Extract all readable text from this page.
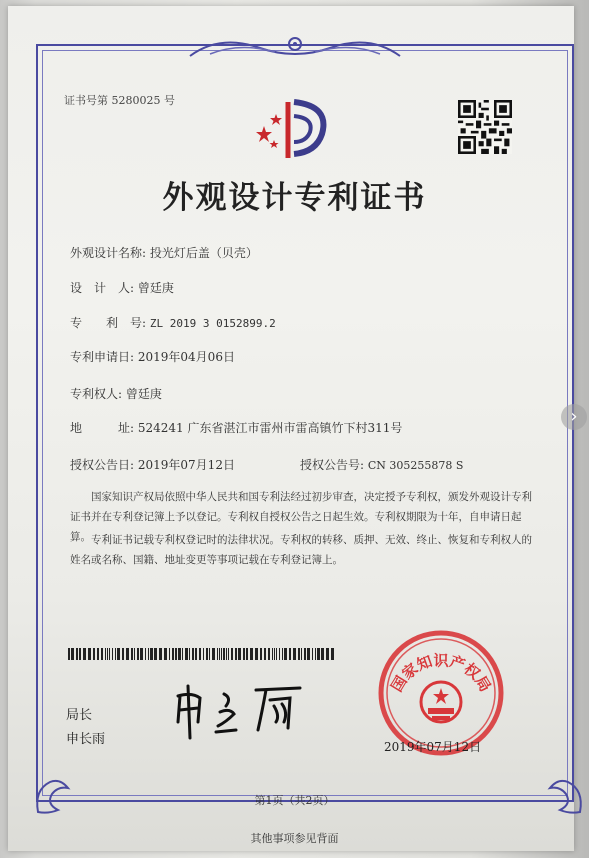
证书号第 5280025 号
外观设计专利证书
外观设计名称: 投光灯后盖（贝壳）
设　计　人: 曾廷庚
专　　利　号: ZL 2019 3 0152899.2
专利申请日: 2019年04月06日
专利权人: 曾廷庚
地　　　址: 524241 广东省湛江市雷州市雷高镇竹下村311号
授权公告日: 2019年07月12日	授权公告号: CN 305255878 S
国家知识产权局依照中华人民共和国专利法经过初步审查，决定授予专利权，颁发外观设计专利证书并在专利登记簿上予以登记。专利权自授权公告之日起生效。专利权期限为十年，自申请日起算。 专利证书记载专利权登记时的法律状况。专利权的转移、质押、无效、终止、恢复和专利权人的姓名或名称、国籍、地址变更等事项记载在专利登记簿上。
局长
申长雨
国家知识产权局
2019年07月12日
第1页（共2页）
其他事项参见背面
›
